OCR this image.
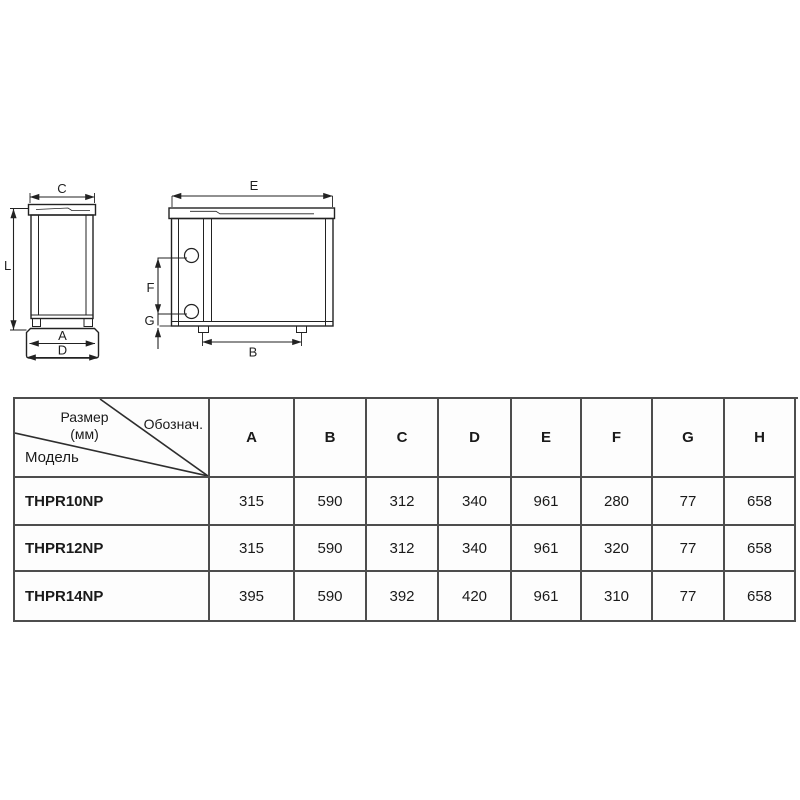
C
L
A
D
E
F
G
B
Размер
(мм)
Обознач.
Модель
A	B	C	D	E	F	G	H
THPR10NP	315	590	312	340	961	280	77	658
THPR12NP	315	590	312	340	961	320	77	658
THPR14NP	395	590	392	420	961	310	77	658
